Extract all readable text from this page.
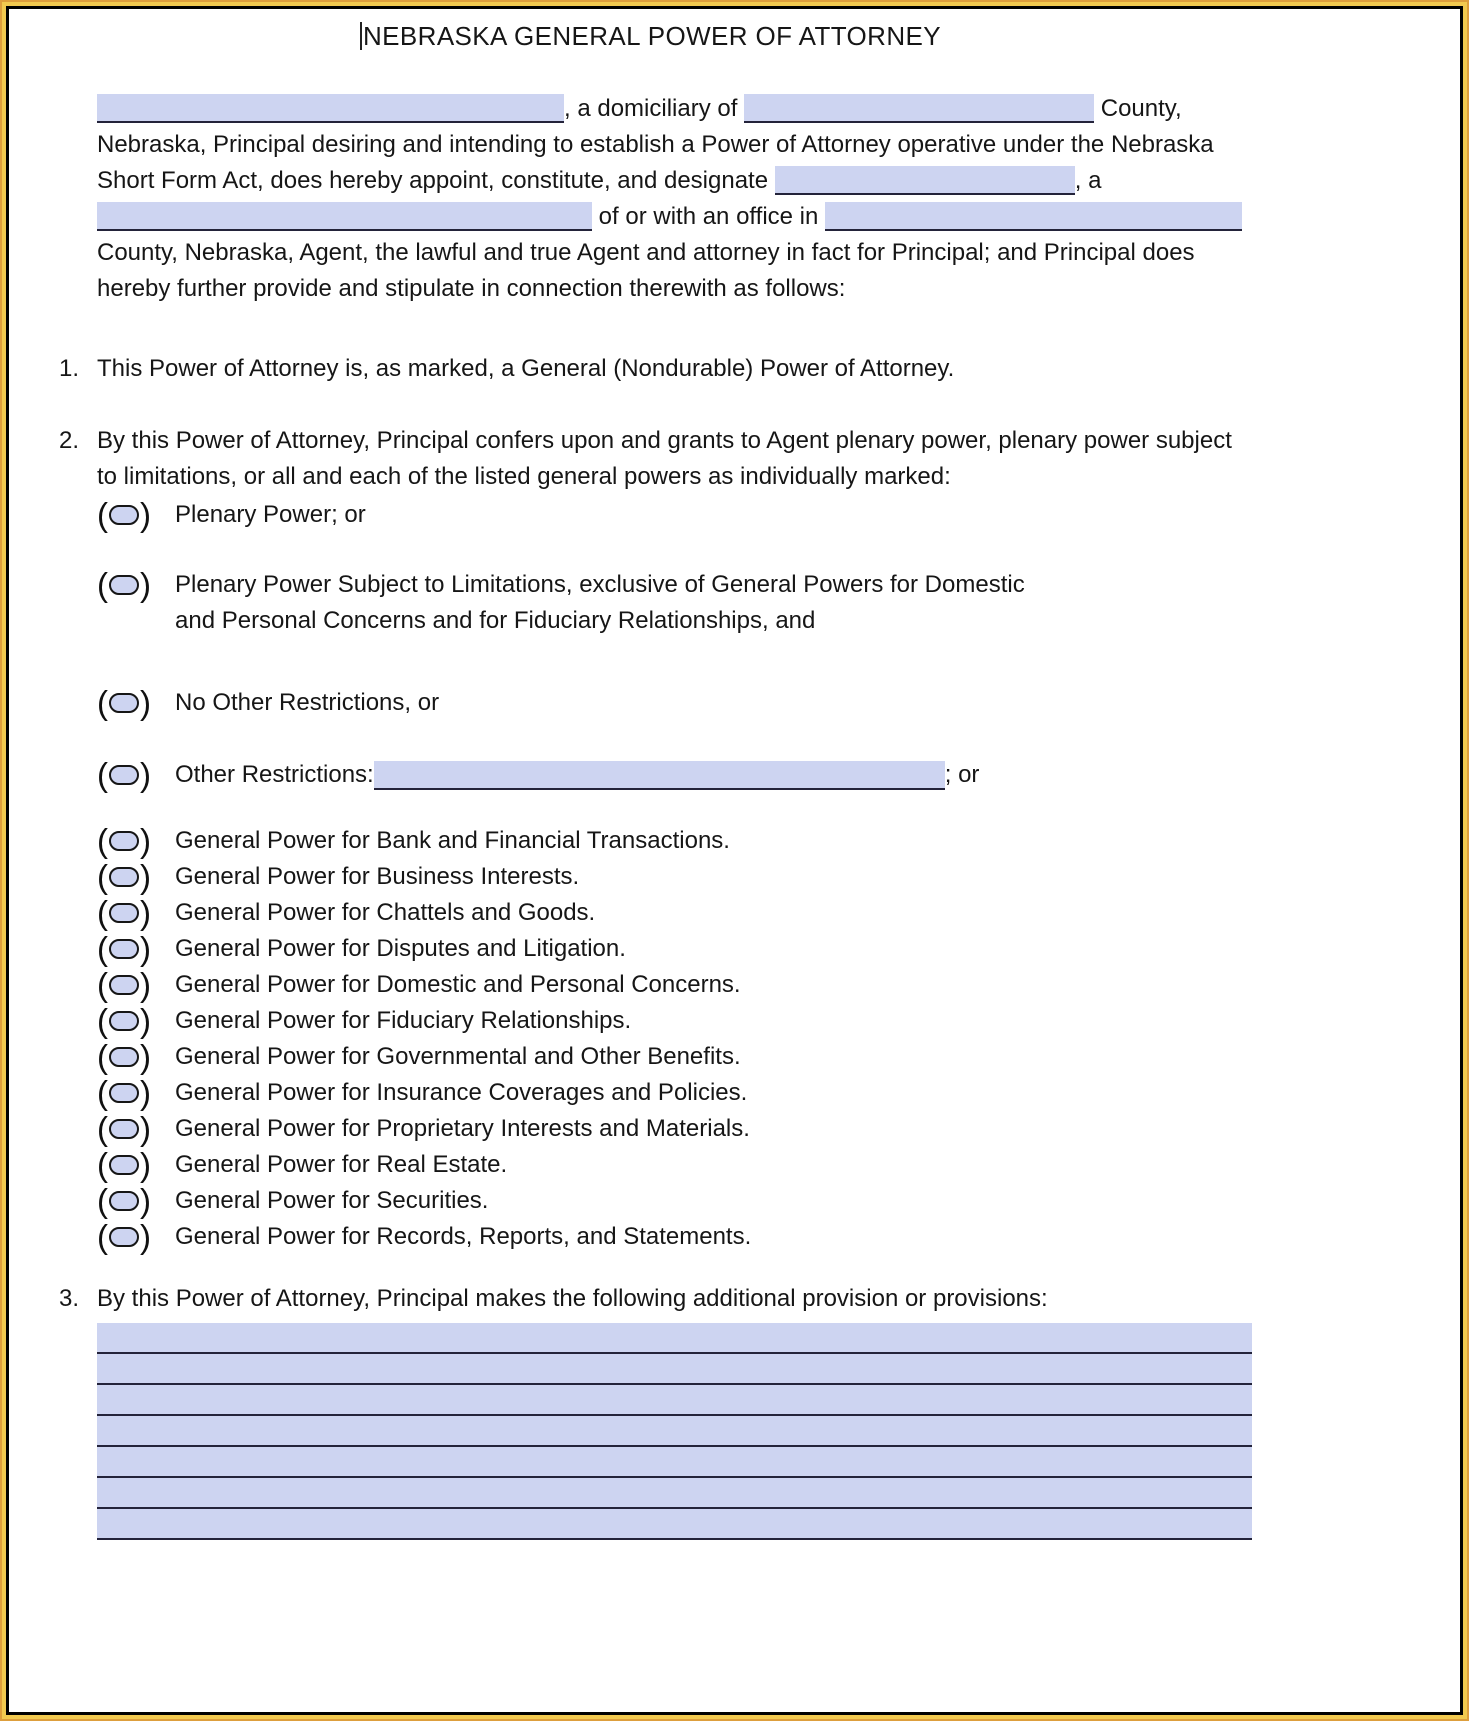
NEBRASKA GENERAL POWER OF ATTORNEY
, a domiciliary of	County, Nebraska, Principal desiring and intending to establish a Power of Attorney operative under the Nebraska Short Form Act, does hereby appoint, constitute, and designate	, a  of or with an office in  County, Nebraska, Agent, the lawful and true Agent and attorney in fact for Principal; and Principal does hereby further provide and stipulate in connection therewith as follows:
1. This Power of Attorney is, as marked, a General (Nondurable) Power of Attorney.
2. By this Power of Attorney, Principal confers upon and grants to Agent plenary power, plenary power subject to limitations, or all and each of the listed general powers as individually marked:
( ) Plenary Power; or
( ) Plenary Power Subject to Limitations, exclusive of General Powers for Domestic and Personal Concerns and for Fiduciary Relationships, and
( ) No Other Restrictions, or
( ) Other Restrictions:	; or
( ) General Power for Bank and Financial Transactions.
( ) General Power for Business Interests.
( ) General Power for Chattels and Goods.
( ) General Power for Disputes and Litigation.
( ) General Power for Domestic and Personal Concerns.
( ) General Power for Fiduciary Relationships.
( ) General Power for Governmental and Other Benefits.
( ) General Power for Insurance Coverages and Policies.
( ) General Power for Proprietary Interests and Materials.
( ) General Power for Real Estate.
( ) General Power for Securities.
( ) General Power for Records, Reports, and Statements.
3. By this Power of Attorney, Principal makes the following additional provision or provisions:
